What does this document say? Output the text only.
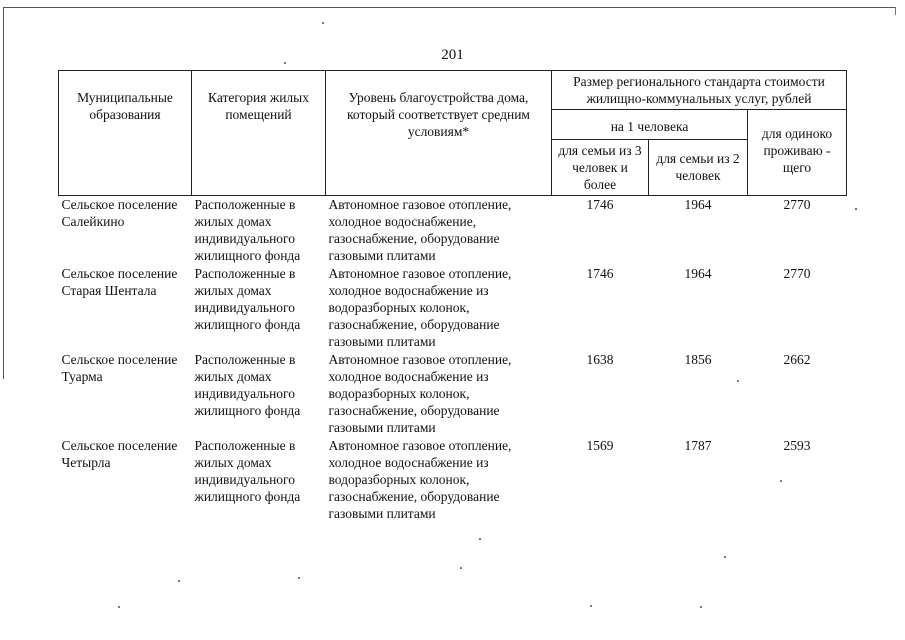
201
Муниципальные образования	Категория жилых помещений	Уровень благоустройства дома, который соответствует средним условиям*	Размер регионального стандарта стоимости жилищно-коммунальных услуг, рублей		
			на 1 человека		для одиноко проживаю - щего
			для семьи из 3 человек и более	для семьи из 2 человек	
Сельское поселение Салейкино	Расположенные в жилых домах индивидуального жилищного фонда	Автономное газовое отопление, холодное водоснабжение, газоснабжение, оборудование газовыми плитами	1746	1964	2770
Сельское поселение Старая Шентала	Расположенные в жилых домах индивидуального жилищного фонда	Автономное газовое отопление, холодное водоснабжение из водоразборных колонок, газоснабжение, оборудование газовыми плитами	1746	1964	2770
Сельское поселение Туарма	Расположенные в жилых домах индивидуального жилищного фонда	Автономное газовое отопление, холодное водоснабжение из водоразборных колонок, газоснабжение, оборудование газовыми плитами	1638	1856	2662
Сельское поселение Четырла	Расположенные в жилых домах индивидуального жилищного фонда	Автономное газовое отопление, холодное водоснабжение из водоразборных колонок, газоснабжение, оборудование газовыми плитами	1569	1787	2593
